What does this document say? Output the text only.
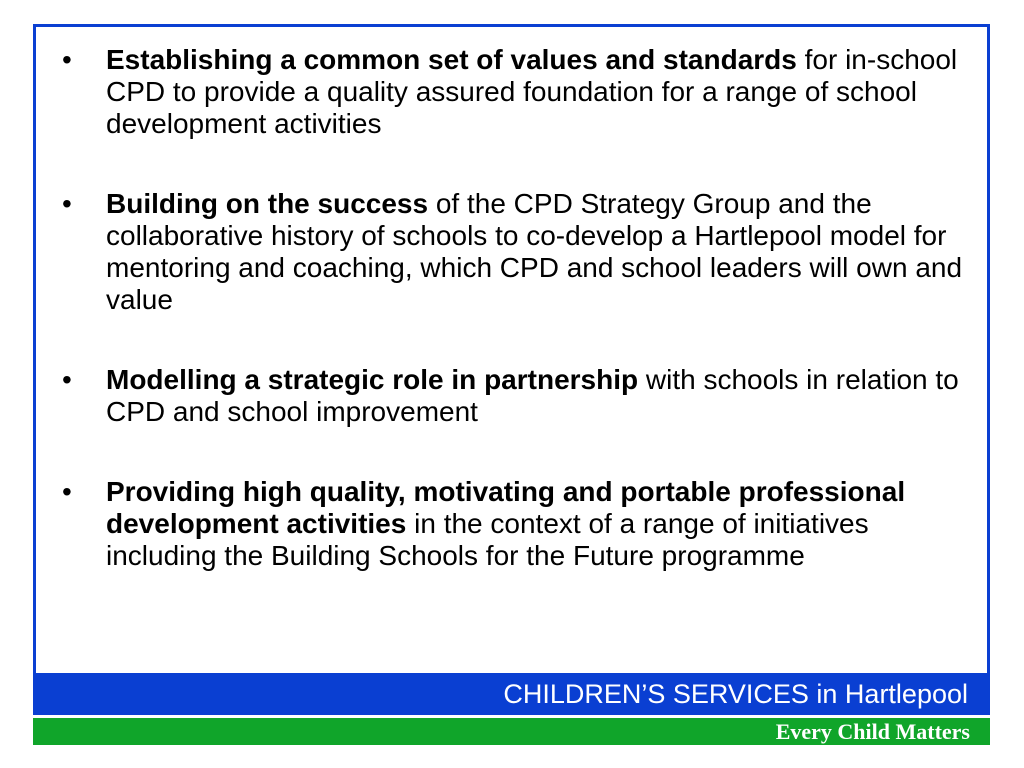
•	Establishing a common set of values and standards for in-school CPD to provide a quality assured foundation for a range of school development activities
•	Building on the success of the CPD Strategy Group and the collaborative history of schools to co-develop a Hartlepool model for mentoring and coaching, which CPD and school leaders will own and value
•	Modelling a strategic role in partnership with schools in relation to CPD and school improvement
•	Providing high quality, motivating and portable professional development activities in the context of a range of initiatives including the Building Schools for the Future programme
CHILDREN’S SERVICES in Hartlepool
Every Child Matters
